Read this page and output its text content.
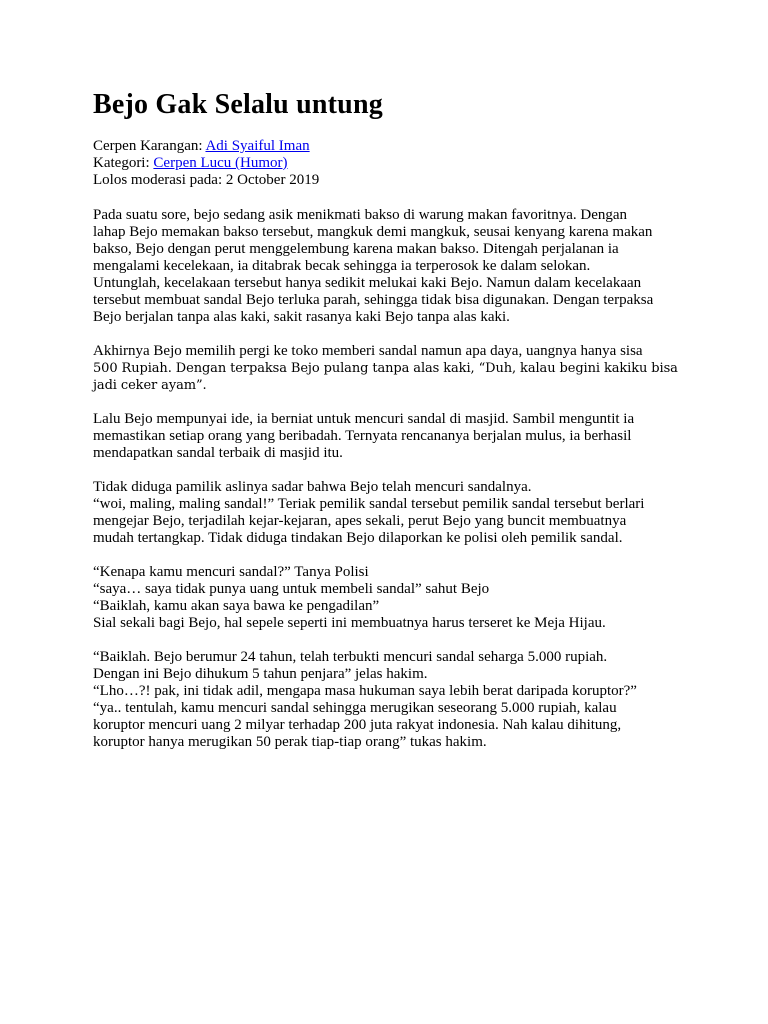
Bejo Gak Selalu untung
Cerpen Karangan: Adi Syaiful Iman
Kategori: Cerpen Lucu (Humor)
Lolos moderasi pada: 2 October 2019
Pada suatu sore, bejo sedang asik menikmati bakso di warung makan favoritnya. Dengan
lahap Bejo memakan bakso tersebut, mangkuk demi mangkuk, seusai kenyang karena makan
bakso, Bejo dengan perut menggelembung karena makan bakso. Ditengah perjalanan ia
mengalami kecelekaan, ia ditabrak becak sehingga ia terperosok ke dalam selokan.
Untunglah, kecelakaan tersebut hanya sedikit melukai kaki Bejo. Namun dalam kecelakaan
tersebut membuat sandal Bejo terluka parah, sehingga tidak bisa digunakan. Dengan terpaksa
Bejo berjalan tanpa alas kaki, sakit rasanya kaki Bejo tanpa alas kaki.
Akhirnya Bejo memilih pergi ke toko memberi sandal namun apa daya, uangnya hanya sisa
500 Rupiah. Dengan terpaksa Bejo pulang tanpa alas kaki, “Duh, kalau begini kakiku bisa
jadi ceker ayam”.
Lalu Bejo mempunyai ide, ia berniat untuk mencuri sandal di masjid. Sambil menguntit ia
memastikan setiap orang yang beribadah. Ternyata rencananya berjalan mulus, ia berhasil
mendapatkan sandal terbaik di masjid itu.
Tidak diduga pamilik aslinya sadar bahwa Bejo telah mencuri sandalnya.
“woi, maling, maling sandal!” Teriak pemilik sandal tersebut pemilik sandal tersebut berlari
mengejar Bejo, terjadilah kejar-kejaran, apes sekali, perut Bejo yang buncit membuatnya
mudah tertangkap. Tidak diduga tindakan Bejo dilaporkan ke polisi oleh pemilik sandal.
“Kenapa kamu mencuri sandal?” Tanya Polisi
“saya… saya tidak punya uang untuk membeli sandal” sahut Bejo
“Baiklah, kamu akan saya bawa ke pengadilan”
Sial sekali bagi Bejo, hal sepele seperti ini membuatnya harus terseret ke Meja Hijau.
“Baiklah. Bejo berumur 24 tahun, telah terbukti mencuri sandal seharga 5.000 rupiah.
Dengan ini Bejo dihukum 5 tahun penjara” jelas hakim.
“Lho…?! pak, ini tidak adil, mengapa masa hukuman saya lebih berat daripada koruptor?”
“ya.. tentulah, kamu mencuri sandal sehingga merugikan seseorang 5.000 rupiah, kalau
koruptor mencuri uang 2 milyar terhadap 200 juta rakyat indonesia. Nah kalau dihitung,
koruptor hanya merugikan 50 perak tiap-tiap orang” tukas hakim.
